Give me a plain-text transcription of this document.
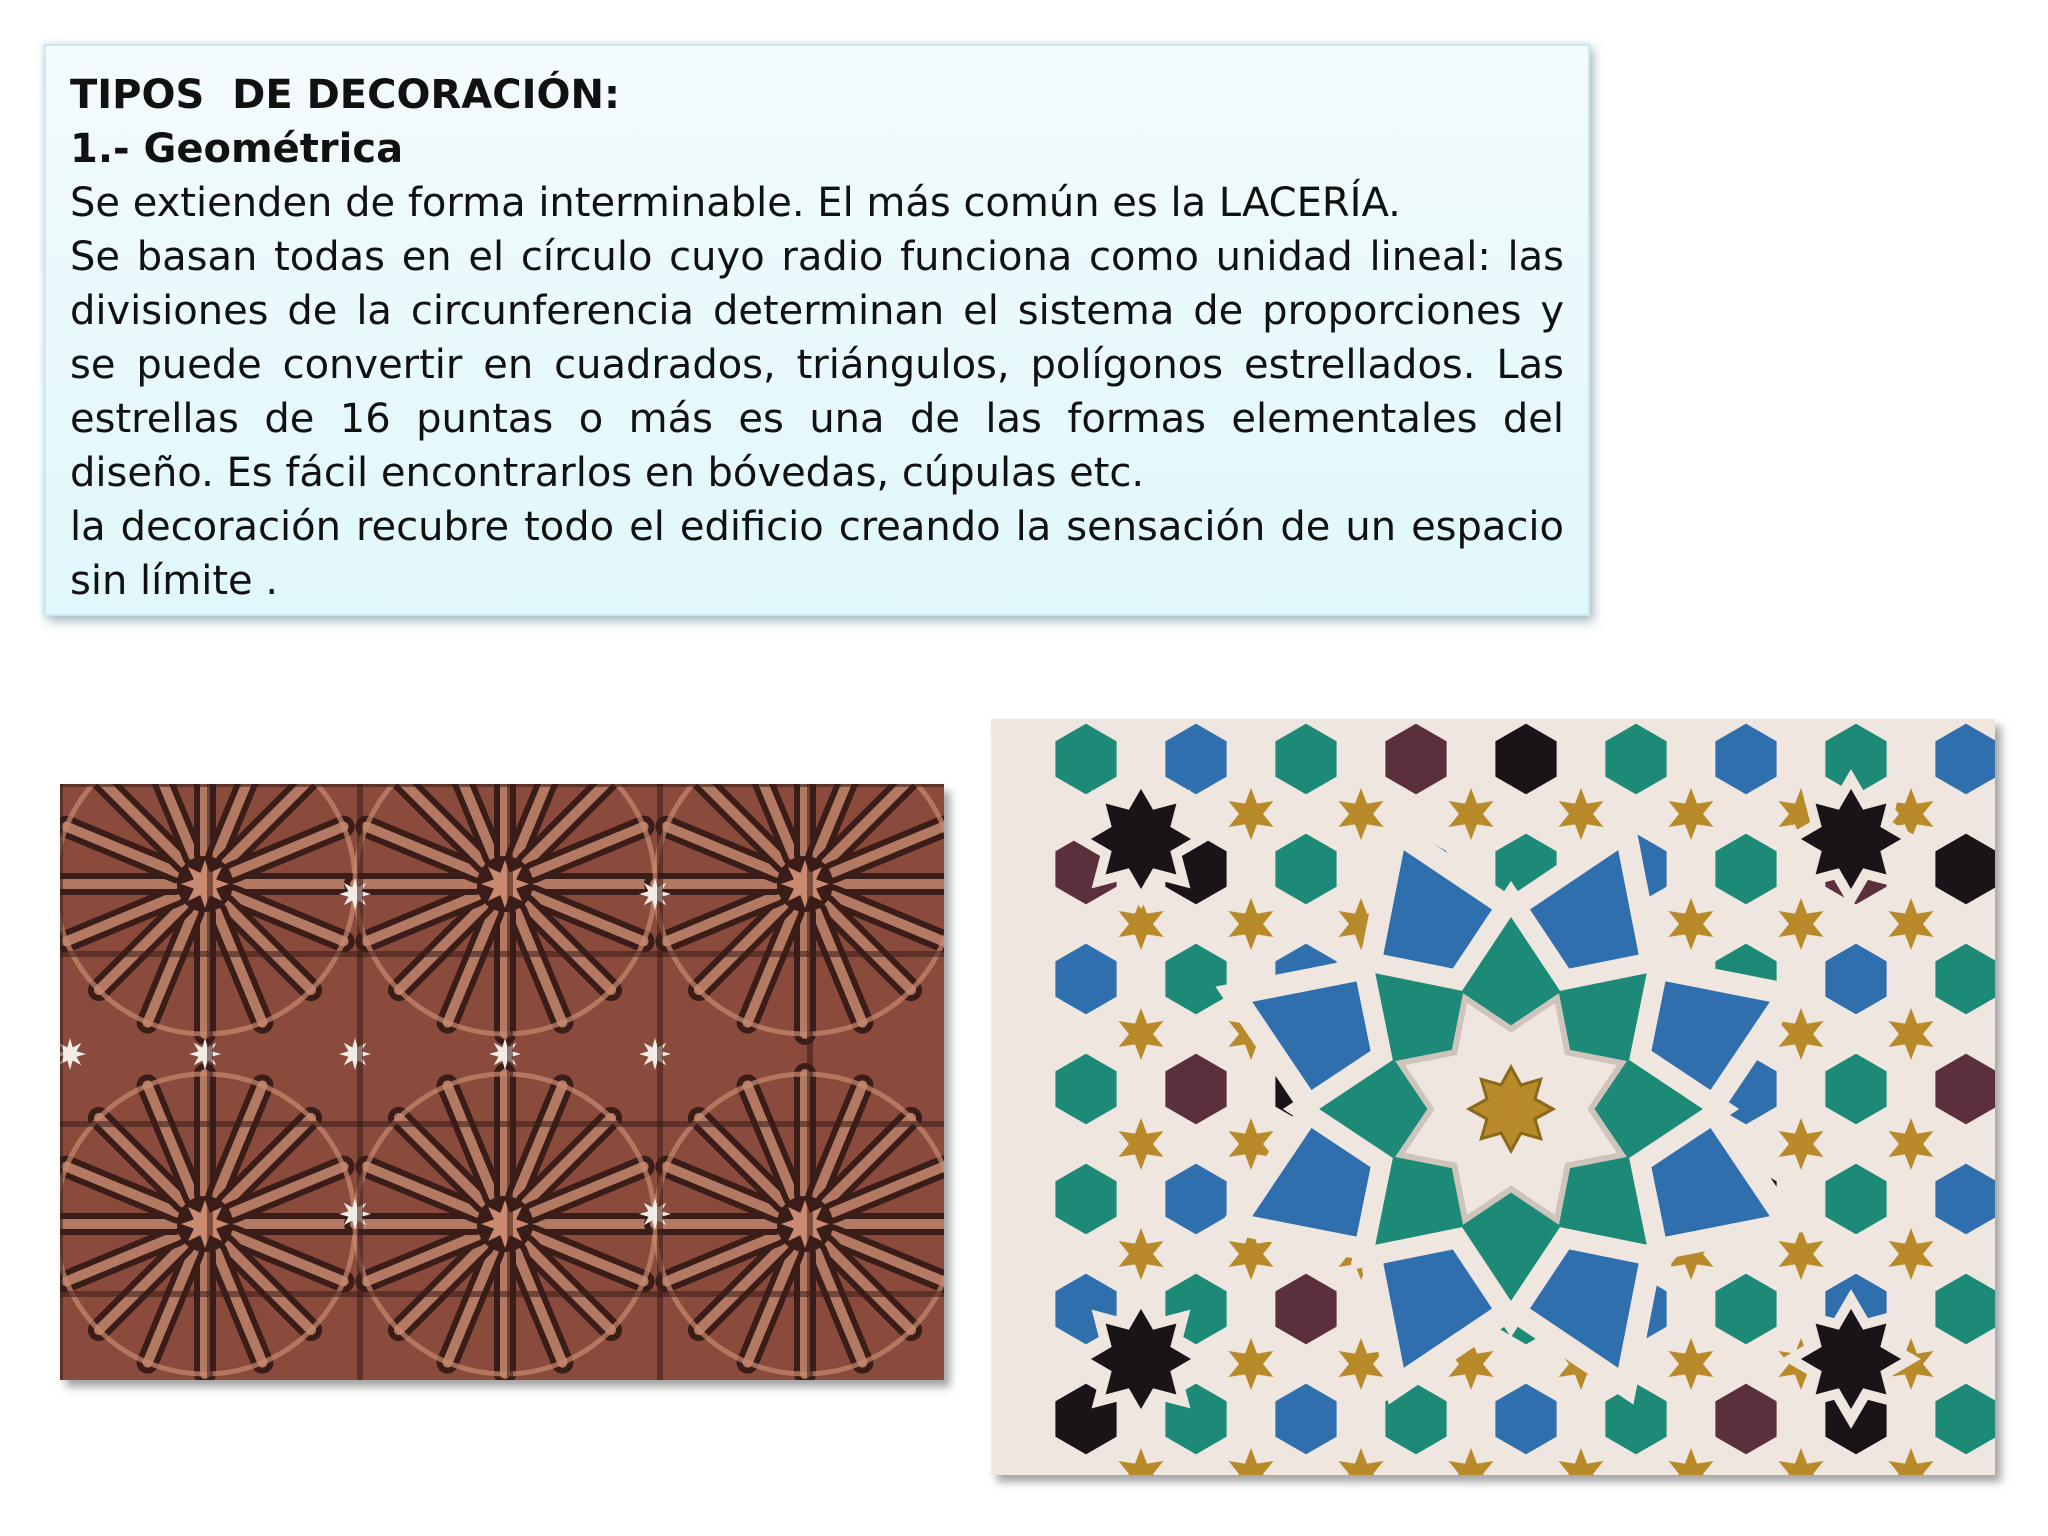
TIPOS  DE DECORACIÓN:

1.- Geométrica

Se extienden de forma interminable. El más común es la LACERÍA.

Se basan todas en el círculo cuyo radio funciona como unidad lineal: las divisiones de la circunferencia determinan el sistema de proporciones y se puede convertir en cuadrados, triángulos, polígonos estrellados. Las estrellas de 16 puntas o más es una de las formas elementales del diseño. Es fácil encontrarlos en bóvedas, cúpulas etc.

la decoración recubre todo el edificio creando la sensación de un espacio sin límite .
